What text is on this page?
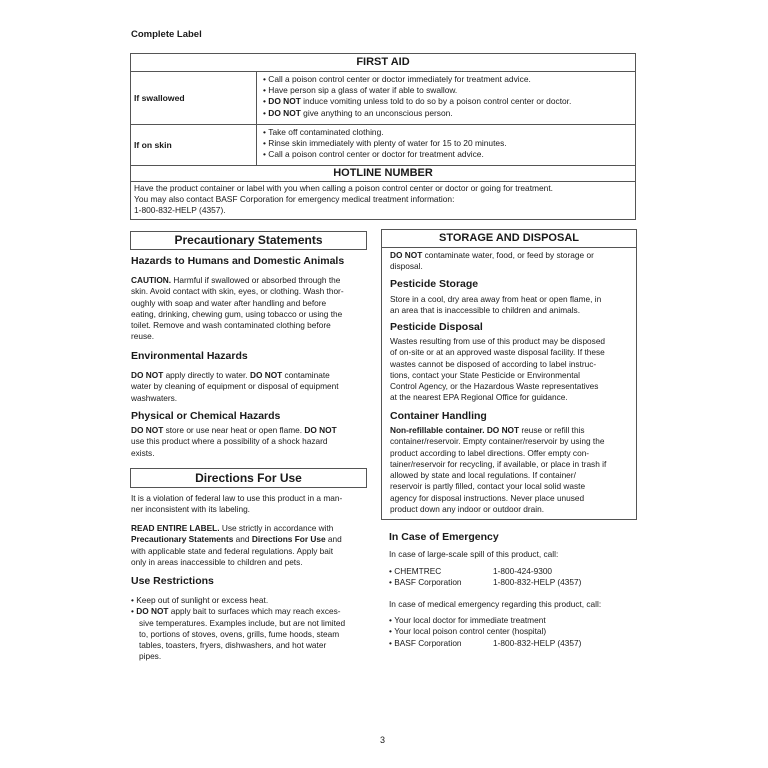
Complete Label
FIRST AID
If swallowed
• Call a poison control center or doctor immediately for treatment advice.
• Have person sip a glass of water if able to swallow.
• DO NOT induce vomiting unless told to do so by a poison control center or doctor.
• DO NOT give anything to an unconscious person.
If on skin
• Take off contaminated clothing.
• Rinse skin immediately with plenty of water for 15 to 20 minutes.
• Call a poison control center or doctor for treatment advice.
HOTLINE NUMBER
Have the product container or label with you when calling a poison control center or doctor or going for treatment.
You may also contact BASF Corporation for emergency medical treatment information:
1-800-832-HELP (4357).
Precautionary Statements
Hazards to Humans and Domestic Animals
CAUTION. Harmful if swallowed or absorbed through the
skin. Avoid contact with skin, eyes, or clothing. Wash thor-
oughly with soap and water after handling and before
eating, drinking, chewing gum, using tobacco or using the
toilet. Remove and wash contaminated clothing before
reuse.
Environmental Hazards
DO NOT apply directly to water. DO NOT contaminate
water by cleaning of equipment or disposal of equipment
washwaters.
Physical or Chemical Hazards
DO NOT store or use near heat or open flame. DO NOT
use this product where a possibility of a shock hazard
exists.
Directions For Use
It is a violation of federal law to use this product in a man-
ner inconsistent with its labeling.
READ ENTIRE LABEL. Use strictly in accordance with
Precautionary Statements and Directions For Use and
with applicable state and federal regulations. Apply bait
only in areas inaccessible to children and pets.
Use Restrictions
• Keep out of sunlight or excess heat.
• DO NOT apply bait to surfaces which may reach exces-
sive temperatures. Examples include, but are not limited
to, portions of stoves, ovens, grills, fume hoods, steam
tables, toasters, fryers, dishwashers, and hot water
pipes.
STORAGE AND DISPOSAL
DO NOT contaminate water, food, or feed by storage or
disposal.
Pesticide Storage
Store in a cool, dry area away from heat or open flame, in
an area that is inaccessible to children and animals.
Pesticide Disposal
Wastes resulting from use of this product may be disposed
of on-site or at an approved waste disposal facility. If these
wastes cannot be disposed of according to label instruc-
tions, contact your State Pesticide or Environmental
Control Agency, or the Hazardous Waste representatives
at the nearest EPA Regional Office for guidance.
Container Handling
Non-refillable container. DO NOT reuse or refill this
container/reservoir. Empty container/reservoir by using the
product according to label directions. Offer empty con-
tainer/reservoir for recycling, if available, or place in trash if
allowed by state and local regulations. If container/
reservoir is partly filled, contact your local solid waste
agency for disposal instructions. Never place unused
product down any indoor or outdoor drain.
In Case of Emergency
In case of large-scale spill of this product, call:
• CHEMTREC	1-800-424-9300
• BASF Corporation	1-800-832-HELP (4357)
In case of medical emergency regarding this product, call:
• Your local doctor for immediate treatment
• Your local poison control center (hospital)
• BASF Corporation	1-800-832-HELP (4357)
3
